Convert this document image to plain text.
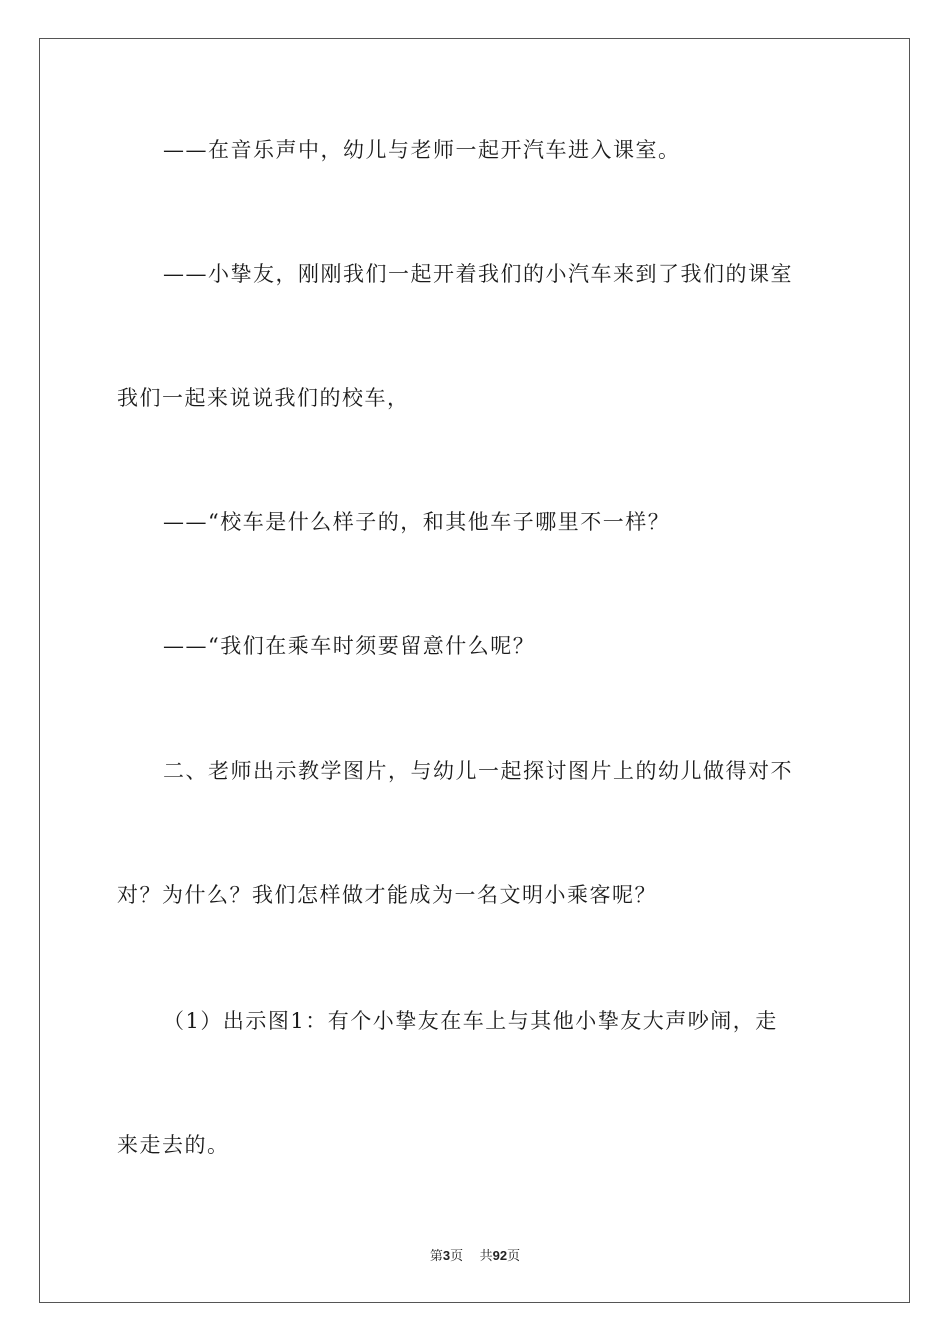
——在音乐声中，幼儿与老师一起开汽车进入课室。
——小挚友，刚刚我们一起开着我们的小汽车来到了我们的课室
我们一起来说说我们的校车，
——“校车是什么样子的，和其他车子哪里不一样？
——“我们在乘车时须要留意什么呢？
二、老师出示教学图片，与幼儿一起探讨图片上的幼儿做得对不
对？为什么？我们怎样做才能成为一名文明小乘客呢？
（1）出示图1：有个小挚友在车上与其他小挚友大声吵闹，走
来走去的。
第3页 共92页
